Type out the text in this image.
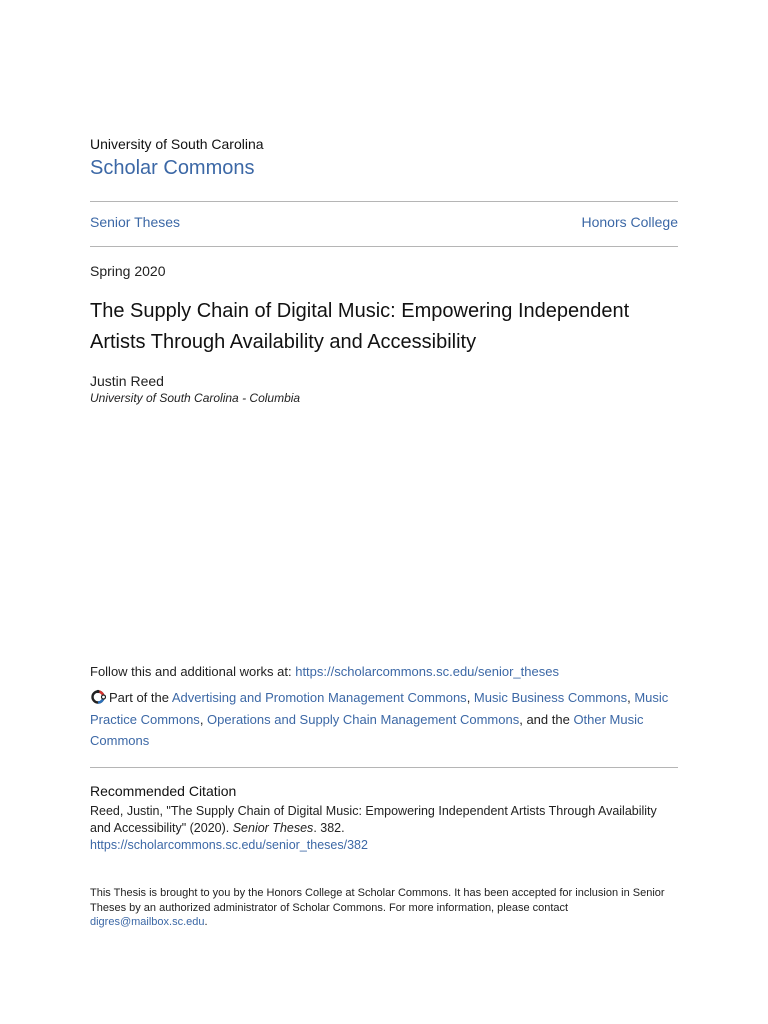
University of South Carolina
Scholar Commons
Senior Theses	Honors College
Spring 2020
The Supply Chain of Digital Music: Empowering Independent Artists Through Availability and Accessibility
Justin Reed
University of South Carolina - Columbia
Follow this and additional works at: https://scholarcommons.sc.edu/senior_theses
Part of the Advertising and Promotion Management Commons, Music Business Commons, Music Practice Commons, Operations and Supply Chain Management Commons, and the Other Music Commons
Recommended Citation
Reed, Justin, "The Supply Chain of Digital Music: Empowering Independent Artists Through Availability and Accessibility" (2020). Senior Theses. 382.
https://scholarcommons.sc.edu/senior_theses/382
This Thesis is brought to you by the Honors College at Scholar Commons. It has been accepted for inclusion in Senior Theses by an authorized administrator of Scholar Commons. For more information, please contact digres@mailbox.sc.edu.
